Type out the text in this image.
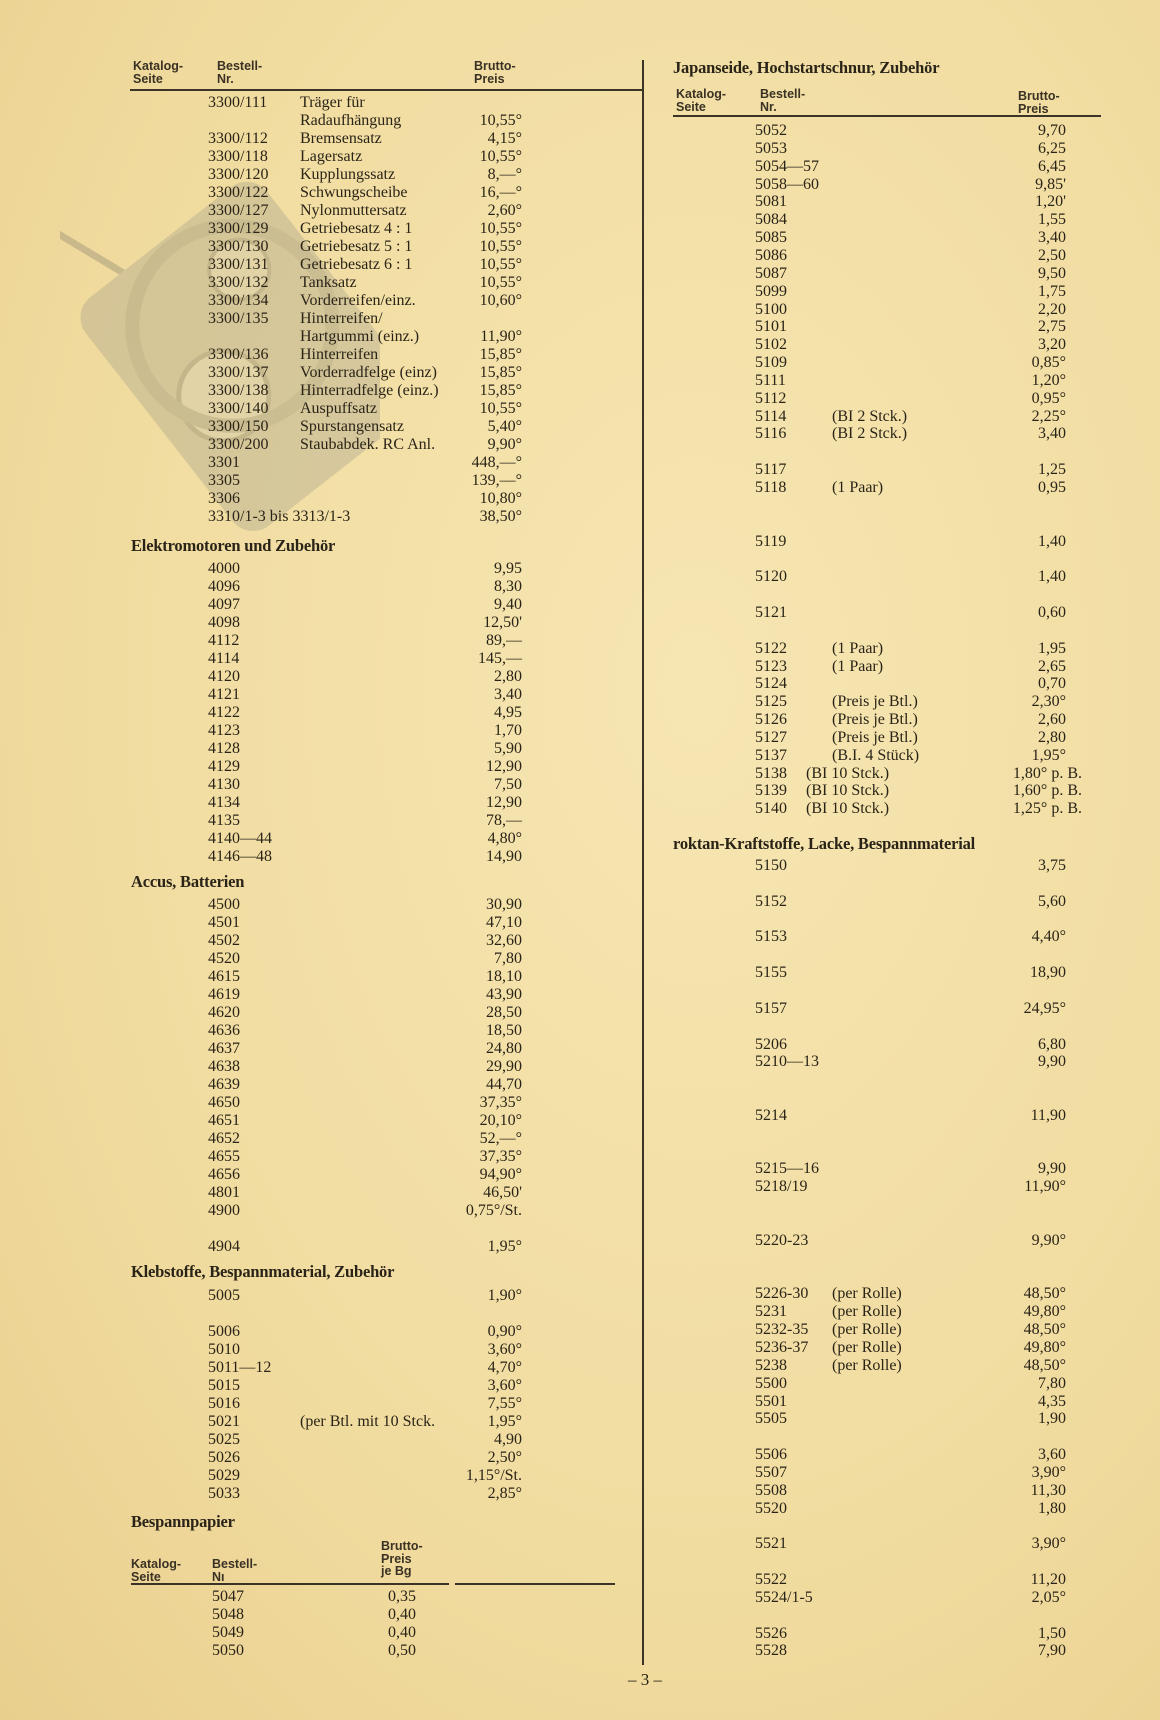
Katalog-
Seite
Bestell-
Nr.
Brutto-
Preis
Japanseide, Hochstartschnur, Zubehör
Katalog-
Seite
Bestell-
Nr.
Brutto-
Preis
3300/111 Träger für
Radaufhängung	10,55°
3300/112 Bremsensatz	4,15°
3300/118 Lagersatz	10,55°
3300/120 Kupplungssatz	8,—°
3300/122 Schwungscheibe	16,—°
3300/127 Nylonmuttersatz	2,60°
3300/129 Getriebesatz 4 : 1	10,55°
3300/130 Getriebesatz 5 : 1	10,55°
3300/131 Getriebesatz 6 : 1	10,55°
3300/132 Tanksatz	10,55°
3300/134 Vorderreifen/einz.	10,60°
3300/135 Hinterreifen/
Hartgummi (einz.)	11,90°
3300/136 Hinterreifen	15,85°
3300/137 Vorderradfelge (einz)	15,85°
3300/138 Hinterradfelge (einz.)	15,85°
3300/140 Auspuffsatz	10,55°
3300/150 Spurstangensatz	5,40°
3300/200 Staubabdek. RC Anl.	9,90°
3301	448,—°
3305	139,—°
3306	10,80°
3310/1-3 bis 3313/1-3	38,50°
Elektromotoren und Zubehör
4000	9,95
4096	8,30
4097	9,40
4098	12,50'
4112	89,—
4114	145,—
4120	2,80
4121	3,40
4122	4,95
4123	1,70
4128	5,90
4129	12,90
4130	7,50
4134	12,90
4135	78,—
4140—44	4,80°
4146—48	14,90
Accus, Batterien
4500	30,90
4501	47,10
4502	32,60
4520	7,80
4615	18,10
4619	43,90
4620	28,50
4636	18,50
4637	24,80
4638	29,90
4639	44,70
4650	37,35°
4651	20,10°
4652	52,—°
4655	37,35°
4656	94,90°
4801	46,50'
4900	0,75°/St.
4904	1,95°
Klebstoffe, Bespannmaterial, Zubehör
5005	1,90°
5006	0,90°
5010	3,60°
5011—12	4,70°
5015	3,60°
5016	7,55°
5021	(per Btl. mit 10 Stck.	1,95°
5025	4,90
5026	2,50°
5029	1,15°/St.
5033	2,85°
5052	9,70
5053	6,25
5054—57	6,45
5058—60	9,85'
5081	1,20'
5084	1,55
5085	3,40
5086	2,50
5087	9,50
5099	1,75
5100	2,20
5101	2,75
5102	3,20
5109	0,85°
5111	1,20°
5112	0,95°
5114	(BI 2 Stck.)	2,25°
5116	(BI 2 Stck.)	3,40
5117	1,25
5118	(1 Paar)	0,95
5119	1,40
5120	1,40
5121	0,60
5122	(1 Paar)	1,95
5123	(1 Paar)	2,65
5124	0,70
5125	(Preis je Btl.)	2,30°
5126	(Preis je Btl.)	2,60
5127	(Preis je Btl.)	2,80
5137	(B.I. 4 Stück)	1,95°
5138 (BI 10 Stck.)	1,80° p. B.
5139 (BI 10 Stck.)	1,60° p. B.
5140 (BI 10 Stck.)	1,25° p. B.
roktan-Kraftstoffe, Lacke, Bespannmaterial
5150	3,75
5152	5,60
5153	4,40°
5155	18,90
5157	24,95°
5206	6,80
5210—13	9,90
5214	11,90
5215—16	9,90
5218/19	11,90°
5220-23	9,90°
5226-30 (per Rolle)	48,50°
5231	(per Rolle)	49,80°
5232-35 (per Rolle)	48,50°
5236-37 (per Rolle)	49,80°
5238	(per Rolle)	48,50°
5500	7,80
5501	4,35
5505	1,90
5506	3,60
5507	3,90°
5508	11,30
5520	1,80
5521	3,90°
5522	11,20
5524/1-5	2,05°
5526	1,50
5528	7,90
Bespannpapier
Katalog-
Seite
Bestell-
Nı
Brutto-
Preis
je Bg
5047	0,35
5048	0,40
5049	0,40
5050	0,50
– 3 –
